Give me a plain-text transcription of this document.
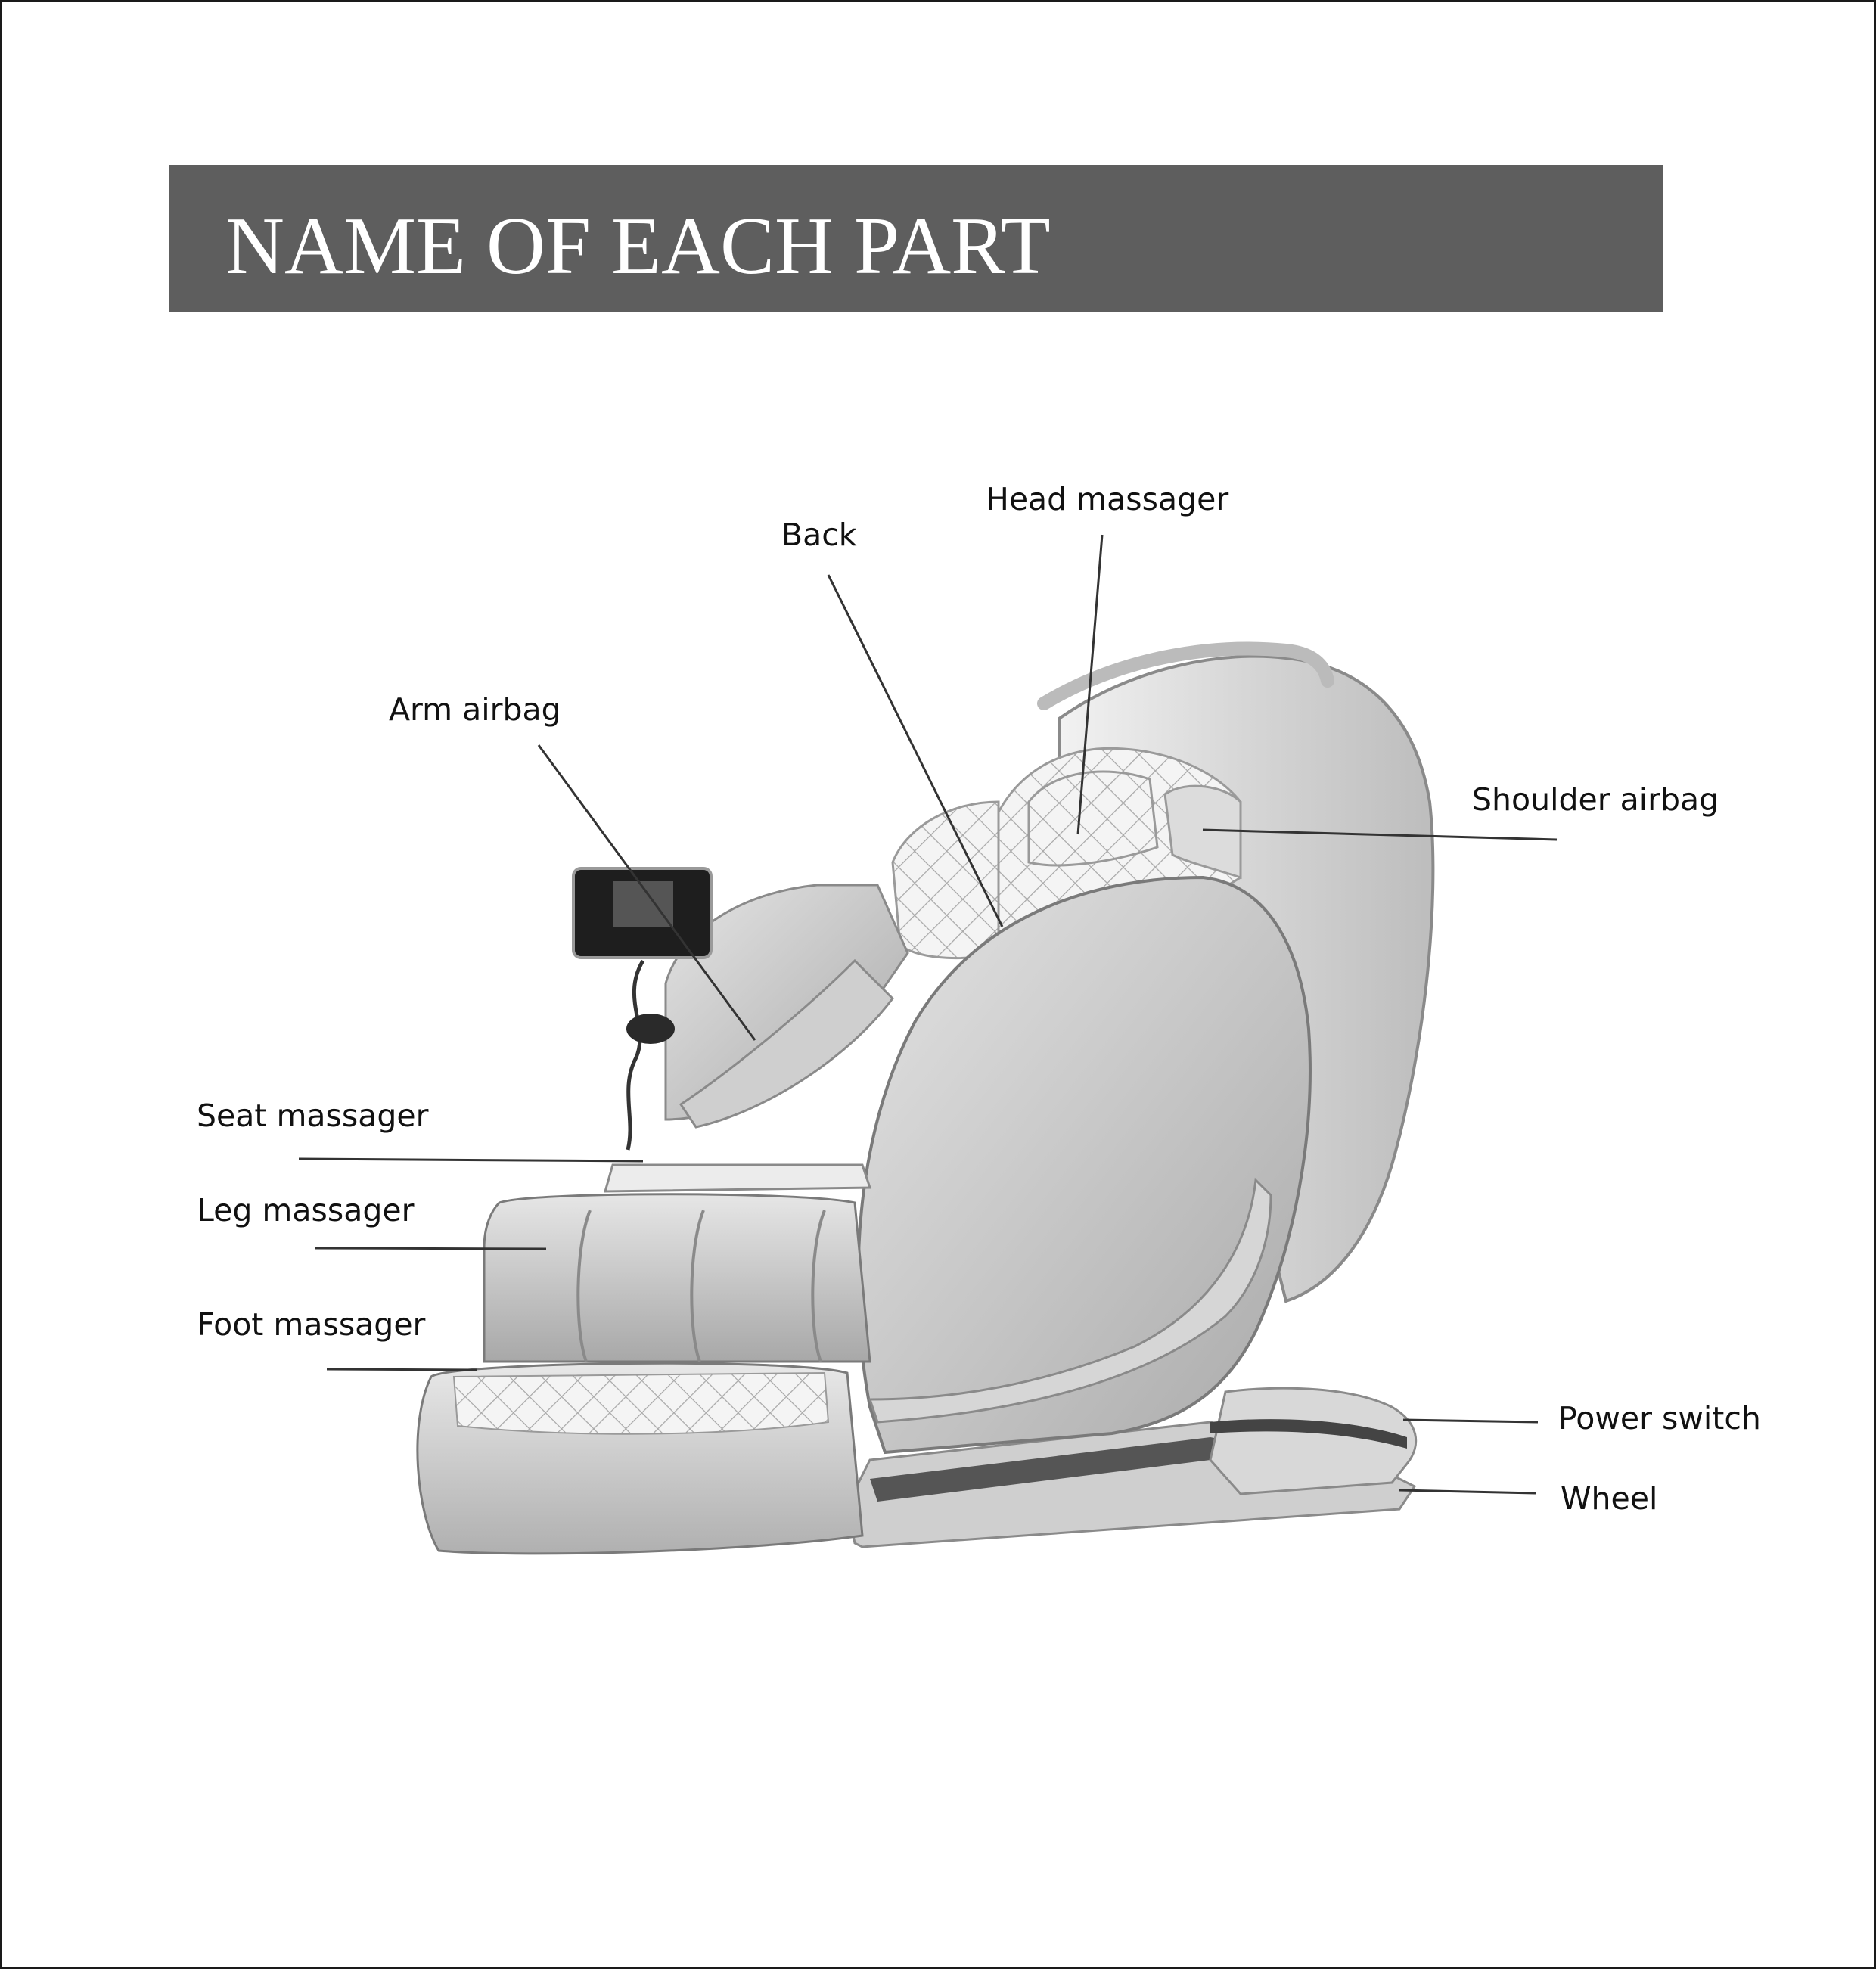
NAME OF EACH PART
Head massager
Back
Arm airbag
Shoulder airbag
Seat massager
Leg massager
Foot massager
Power switch
Wheel
